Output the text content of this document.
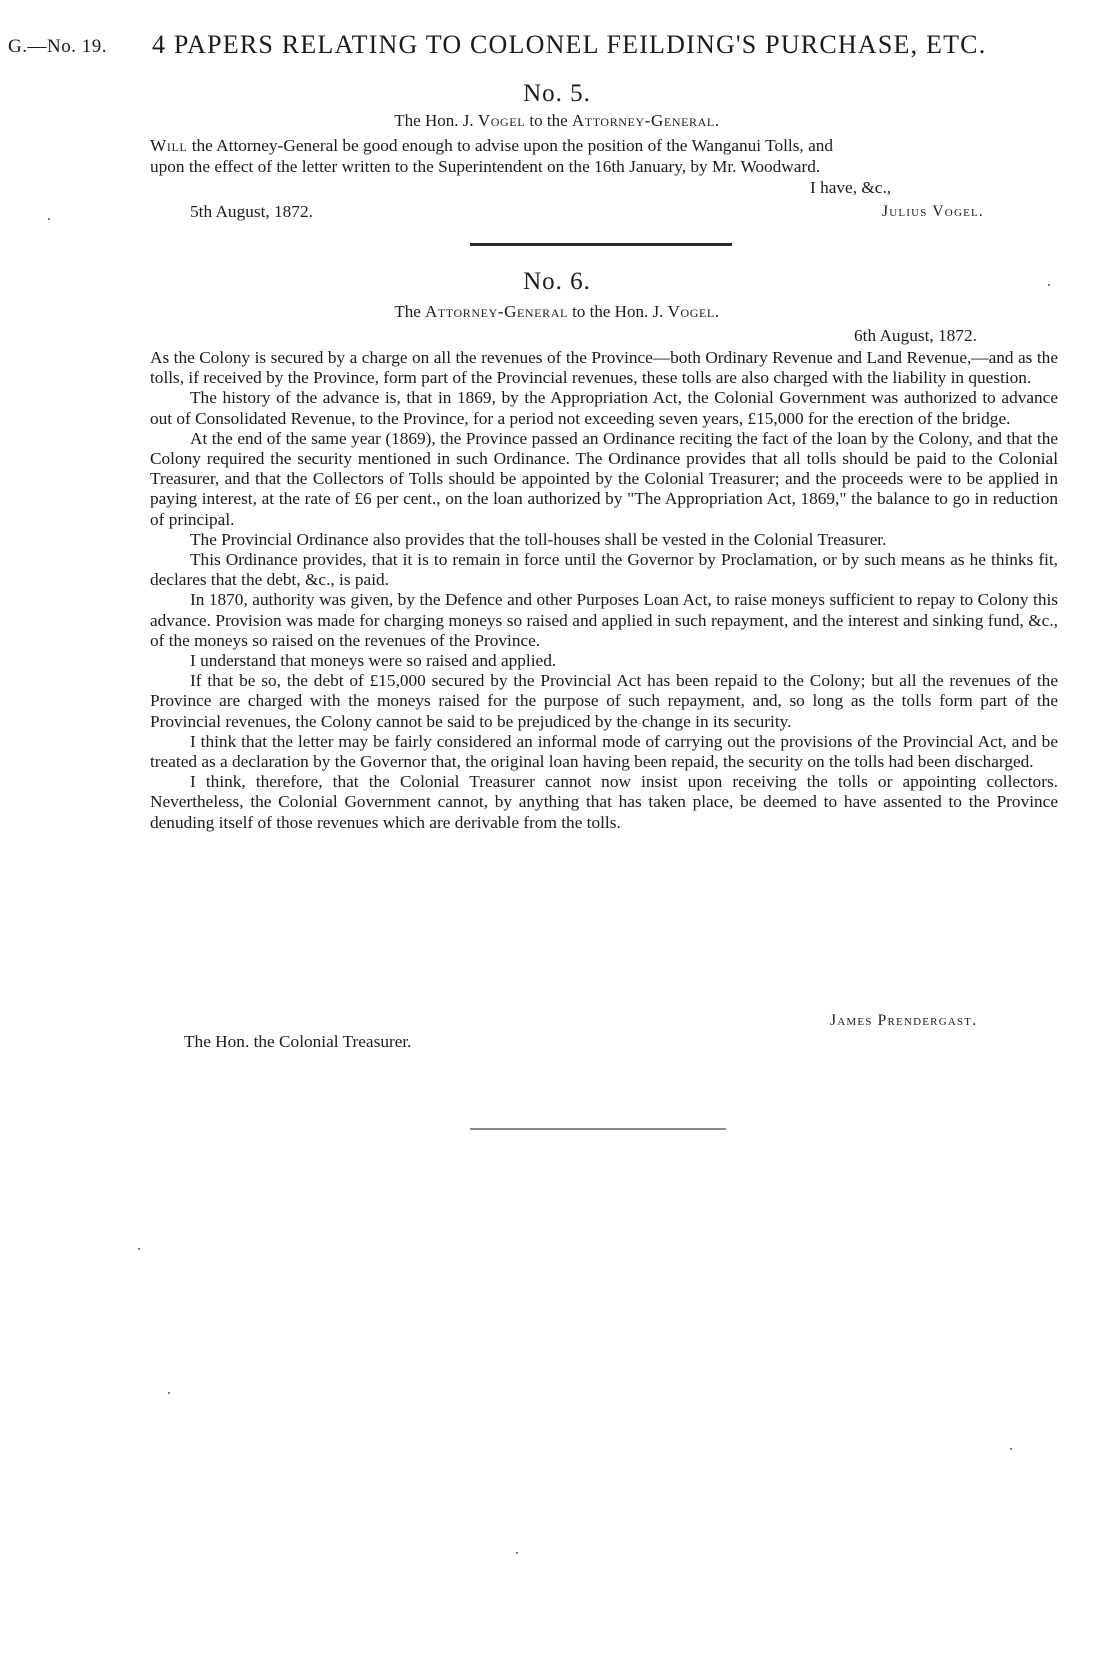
G.—No. 19. 4 PAPERS RELATING TO COLONEL FEILDING'S PURCHASE, ETC.
No. 5.
The Hon. J. Vogel to the Attorney-General.
Will the Attorney-General be good enough to advise upon the position of the Wanganui Tolls, and
upon the effect of the letter written to the Superintendent on the 16th January, by Mr. Woodward.
I have, &c.,
5th August, 1872.	Julius Vogel.
No. 6.
The Attorney-General to the Hon. J. Vogel.
6th August, 1872.

As the Colony is secured by a charge on all the revenues of the Province—both Ordinary Revenue and Land Revenue,—and as the tolls, if received by the Province, form part of the Provincial revenues, these tolls are also charged with the liability in question.

The history of the advance is, that in 1869, by the Appropriation Act, the Colonial Government was authorized to advance out of Consolidated Revenue, to the Province, for a period not exceeding seven years, £15,000 for the erection of the bridge.

At the end of the same year (1869), the Province passed an Ordinance reciting the fact of the loan by the Colony, and that the Colony required the security mentioned in such Ordinance. The Ordinance provides that all tolls should be paid to the Colonial Treasurer, and that the Collectors of Tolls should be appointed by the Colonial Treasurer; and the proceeds were to be applied in paying interest, at the rate of £6 per cent., on the loan authorized by "The Appropriation Act, 1869," the balance to go in reduction of principal.

The Provincial Ordinance also provides that the toll-houses shall be vested in the Colonial Treasurer.

This Ordinance provides, that it is to remain in force until the Governor by Proclamation, or by such means as he thinks fit, declares that the debt, &c., is paid.

In 1870, authority was given, by the Defence and other Purposes Loan Act, to raise moneys sufficient to repay to Colony this advance. Provision was made for charging moneys so raised and applied in such repayment, and the interest and sinking fund, &c., of the moneys so raised on the revenues of the Province.

I understand that moneys were so raised and applied.

If that be so, the debt of £15,000 secured by the Provincial Act has been repaid to the Colony; but all the revenues of the Province are charged with the moneys raised for the purpose of such repayment, and, so long as the tolls form part of the Provincial revenues, the Colony cannot be said to be prejudiced by the change in its security.

I think that the letter may be fairly considered an informal mode of carrying out the provisions of the Provincial Act, and be treated as a declaration by the Governor that, the original loan having been repaid, the security on the tolls had been discharged.

I think, therefore, that the Colonial Treasurer cannot now insist upon receiving the tolls or appointing collectors. Nevertheless, the Colonial Government cannot, by anything that has taken place, be deemed to have assented to the Province denuding itself of those revenues which are derivable from the tolls.

James Prendergast.
The Hon. the Colonial Treasurer.
